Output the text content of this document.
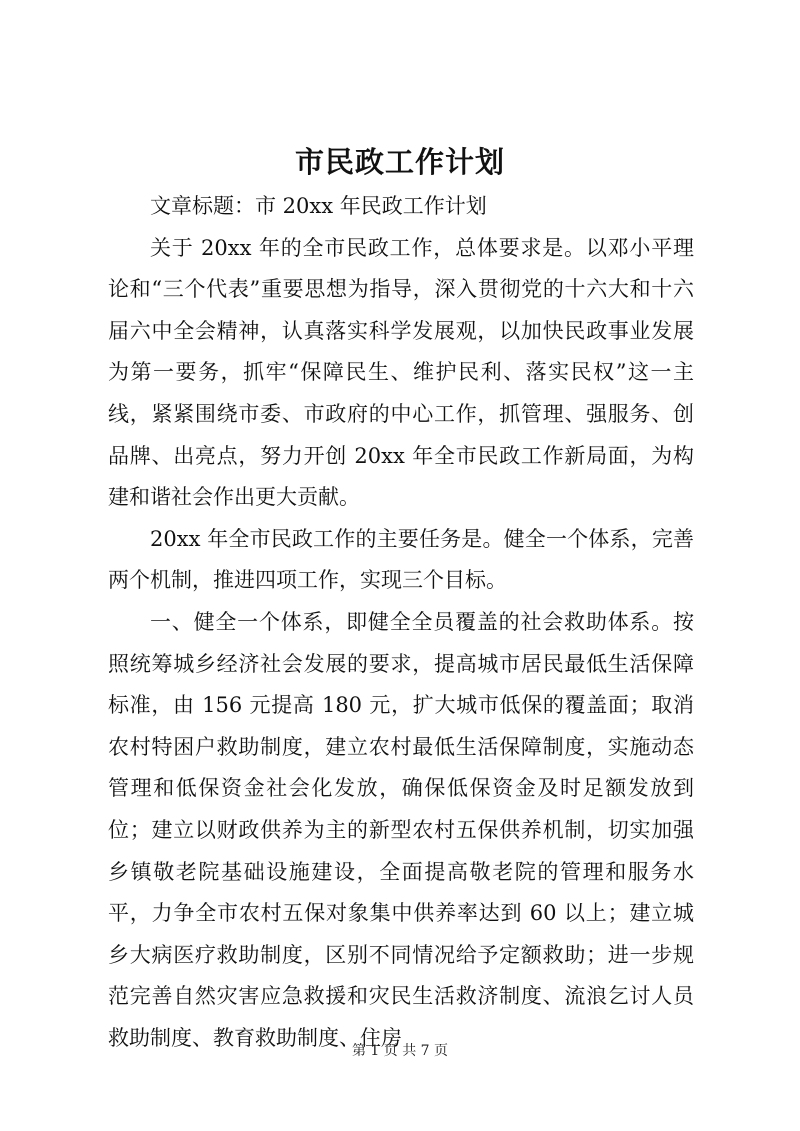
市民政工作计划

文章标题：市 20xx 年民政工作计划

关于 20xx 年的全市民政工作，总体要求是。以邓小平理论和“三个代表”重要思想为指导，深入贯彻党的十六大和十六届六中全会精神，认真落实科学发展观，以加快民政事业发展为第一要务，抓牢“保障民生、维护民利、落实民权”这一主线，紧紧围绕市委、市政府的中心工作，抓管理、强服务、创品牌、出亮点，努力开创 20xx 年全市民政工作新局面，为构建和谐社会作出更大贡献。

20xx 年全市民政工作的主要任务是。健全一个体系，完善两个机制，推进四项工作，实现三个目标。

一、健全一个体系，即健全全员覆盖的社会救助体系。按照统筹城乡经济社会发展的要求，提高城市居民最低生活保障标准，由 156 元提高 180 元，扩大城市低保的覆盖面；取消农村特困户救助制度，建立农村最低生活保障制度，实施动态管理和低保资金社会化发放，确保低保资金及时足额发放到位；建立以财政供养为主的新型农村五保供养机制，切实加强乡镇敬老院基础设施建设，全面提高敬老院的管理和服务水平，力争全市农村五保对象集中供养率达到 60 以上；建立城乡大病医疗救助制度，区别不同情况给予定额救助；进一步规范完善自然灾害应急救援和灾民生活救济制度、流浪乞讨人员救助制度、教育救助制度、住房

第 1 页 共 7 页
